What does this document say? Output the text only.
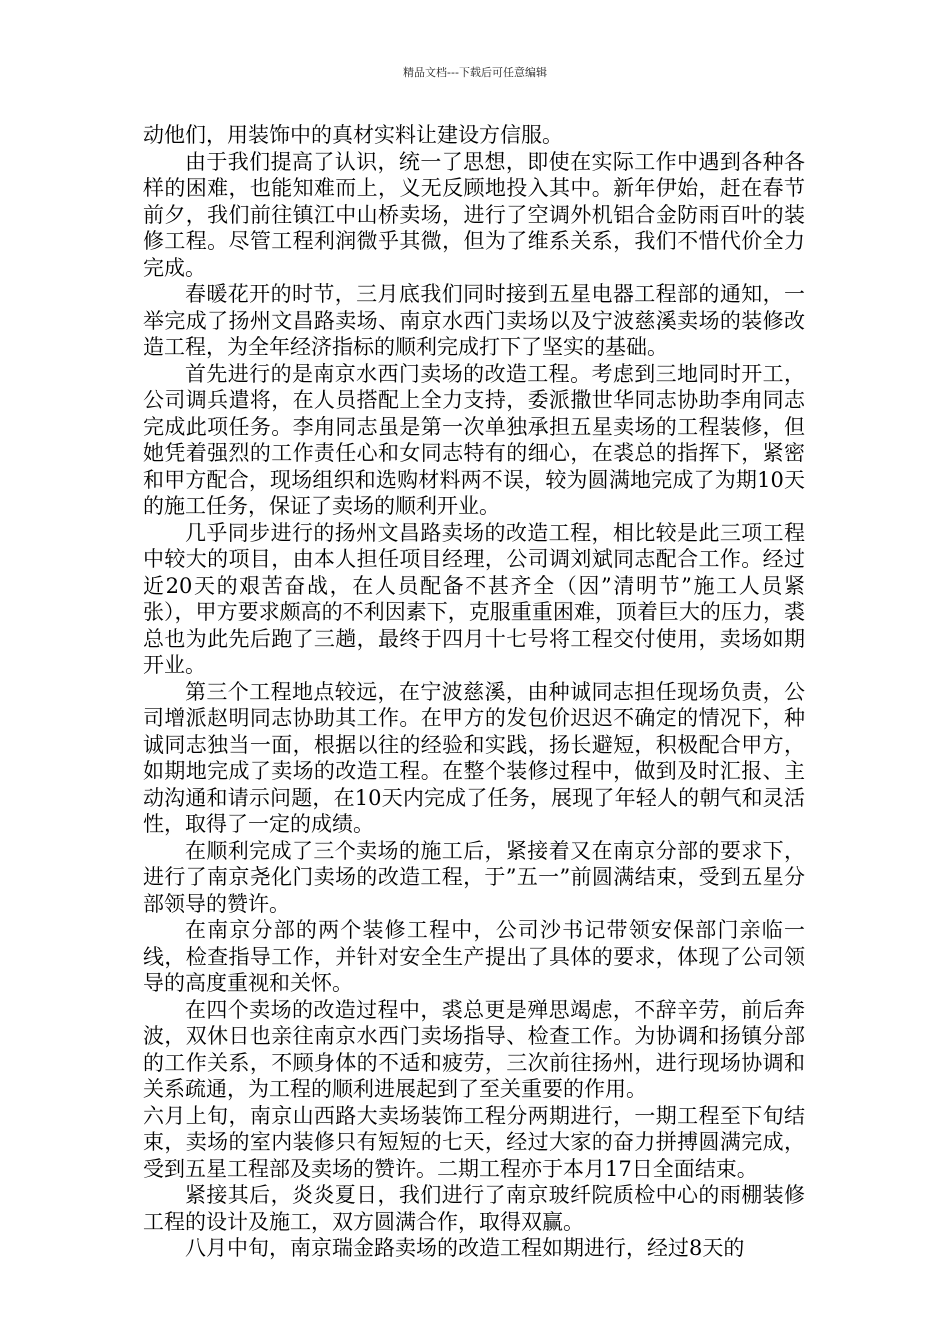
精品文档---下载后可任意编辑

动他们，用装饰中的真材实料让建设方信服。

由于我们提高了认识，统一了思想，即使在实际工作中遇到各种各样的困难，也能知难而上，义无反顾地投入其中。新年伊始，赶在春节前夕，我们前往镇江中山桥卖场，进行了空调外机铝合金防雨百叶的装修工程。尽管工程利润微乎其微，但为了维系关系，我们不惜代价全力完成。

春暖花开的时节，三月底我们同时接到五星电器工程部的通知，一举完成了扬州文昌路卖场、南京水西门卖场以及宁波慈溪卖场的装修改造工程，为全年经济指标的顺利完成打下了坚实的基础。

首先进行的是南京水西门卖场的改造工程。考虑到三地同时开工，公司调兵遣将，在人员搭配上全力支持，委派撒世华同志协助李甪同志完成此项任务。李甪同志虽是第一次单独承担五星卖场的工程装修，但她凭着强烈的工作责任心和女同志特有的细心，在裘总的指挥下，紧密和甲方配合，现场组织和选购材料两不误，较为圆满地完成了为期10天的施工任务，保证了卖场的顺利开业。

几乎同步进行的扬州文昌路卖场的改造工程，相比较是此三项工程中较大的项目，由本人担任项目经理，公司调刘斌同志配合工作。经过近20天的艰苦奋战，在人员配备不甚齐全（因”清明节”施工人员紧张），甲方要求颇高的不利因素下，克服重重困难，顶着巨大的压力，裘总也为此先后跑了三趟，最终于四月十七号将工程交付使用，卖场如期开业。

第三个工程地点较远，在宁波慈溪，由种诚同志担任现场负责，公司增派赵明同志协助其工作。在甲方的发包价迟迟不确定的情况下，种诚同志独当一面，根据以往的经验和实践，扬长避短，积极配合甲方，如期地完成了卖场的改造工程。在整个装修过程中，做到及时汇报、主动沟通和请示问题，在10天内完成了任务，展现了年轻人的朝气和灵活性，取得了一定的成绩。

在顺利完成了三个卖场的施工后，紧接着又在南京分部的要求下，进行了南京尧化门卖场的改造工程，于”五一”前圆满结束，受到五星分部领导的赞许。

在南京分部的两个装修工程中，公司沙书记带领安保部门亲临一线，检查指导工作，并针对安全生产提出了具体的要求，体现了公司领导的高度重视和关怀。

在四个卖场的改造过程中，裘总更是殚思竭虑，不辞辛劳，前后奔波，双休日也亲往南京水西门卖场指导、检查工作。为协调和扬镇分部的工作关系，不顾身体的不适和疲劳，三次前往扬州，进行现场协调和关系疏通，为工程的顺利进展起到了至关重要的作用。

六月上旬，南京山西路大卖场装饰工程分两期进行，一期工程至下旬结束，卖场的室内装修只有短短的七天，经过大家的奋力拼搏圆满完成，受到五星工程部及卖场的赞许。二期工程亦于本月17日全面结束。

紧接其后，炎炎夏日，我们进行了南京玻纤院质检中心的雨棚装修工程的设计及施工，双方圆满合作，取得双赢。

八月中旬，南京瑞金路卖场的改造工程如期进行，经过8天的
